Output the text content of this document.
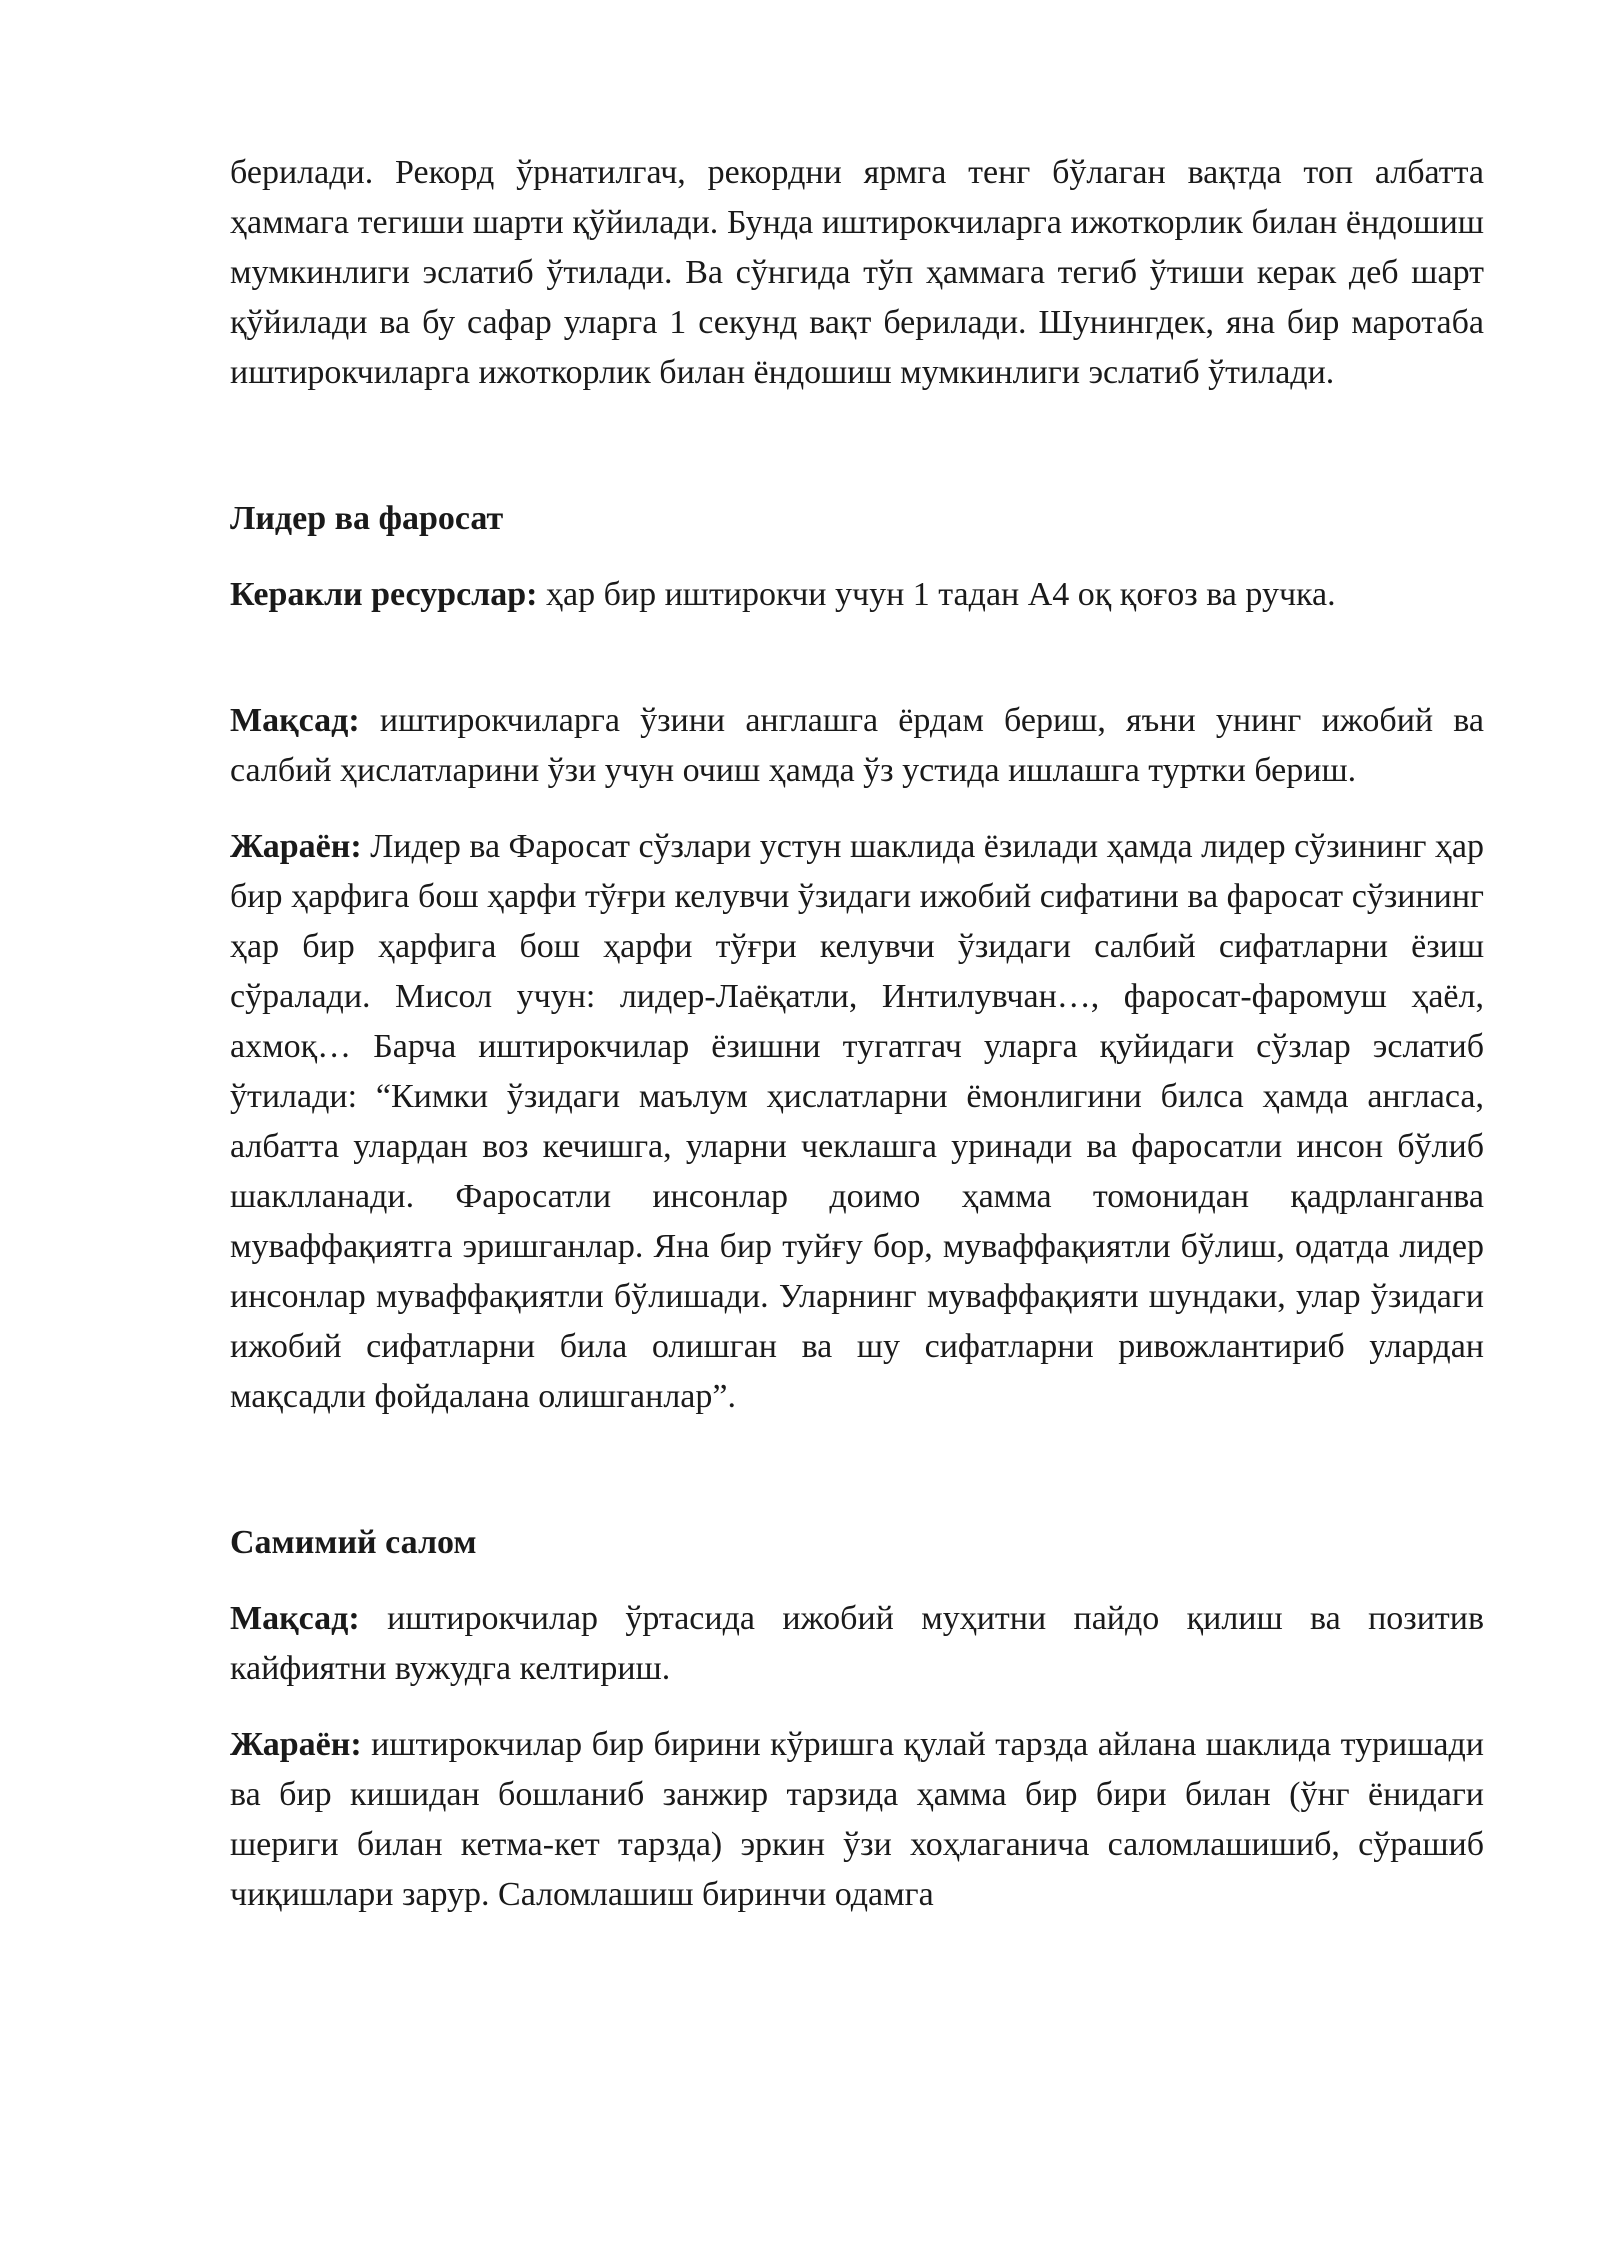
берилади. Рекорд ўрнатилгач, рекордни ярмга тенг бўлаган вақтда топ албатта ҳаммага тегиши шарти қўйилади. Бунда иштирокчиларга ижоткорлик билан ёндошиш мумкинлиги эслатиб ўтилади. Ва сўнгида тўп ҳаммага тегиб ўтиши керак деб шарт қўйилади ва бу сафар уларга 1 секунд вақт берилади. Шунингдек, яна бир маротаба иштирокчиларга ижоткорлик билан ёндошиш мумкинлиги эслатиб ўтилади.

Лидер ва фаросат

Керакли ресурслар: ҳар бир иштирокчи учун 1 тадан А4 оқ қоғоз ва ручка.

Мақсад: иштирокчиларга ўзини англашга ёрдам бериш, яъни унинг ижобий ва салбий ҳислатларини ўзи учун очиш ҳамда ўз устида ишлашга туртки бериш.

Жараён: Лидер ва Фаросат сўзлари устун шаклида ёзилади ҳамда лидер сўзининг ҳар бир ҳарфига бош ҳарфи тўғри келувчи ўзидаги ижобий сифатини ва фаросат сўзининг ҳар бир ҳарфига бош ҳарфи тўғри келувчи ўзидаги салбий сифатларни ёзиш сўралади. Мисол учун: лидер-Лаёқатли, Интилувчан…, фаросат-фаромуш ҳаёл, ахмоқ… Барча иштирокчилар ёзишни тугатгач уларга қуйидаги сўзлар эслатиб ўтилади: “Кимки ўзидаги маълум ҳислатларни ёмонлигини билса ҳамда англаса, албатта улардан воз кечишга, уларни чеклашга уринади ва фаросатли инсон бўлиб шаклланади. Фаросатли инсонлар доимо ҳамма томонидан қадрланганва муваффақиятга эришганлар. Яна бир туйғу бор, муваффақиятли бўлиш, одатда лидер инсонлар муваффақиятли бўлишади. Уларнинг муваффақияти шундаки, улар ўзидаги ижобий сифатларни била олишган ва шу сифатларни ривожлантириб улардан мақсадли фойдалана олишганлар”.

Самимий салом

Мақсад: иштирокчилар ўртасида ижобий муҳитни пайдо қилиш ва позитив кайфиятни вужудга келтириш.

Жараён: иштирокчилар бир бирини кўришга қулай тарзда айлана шаклида туришади ва бир кишидан бошланиб занжир тарзида ҳамма бир бири билан (ўнг ёнидаги шериги билан кетма-кет тарзда) эркин ўзи хоҳлаганича саломлашишиб, сўрашиб чиқишлари зарур. Саломлашиш биринчи одамга
